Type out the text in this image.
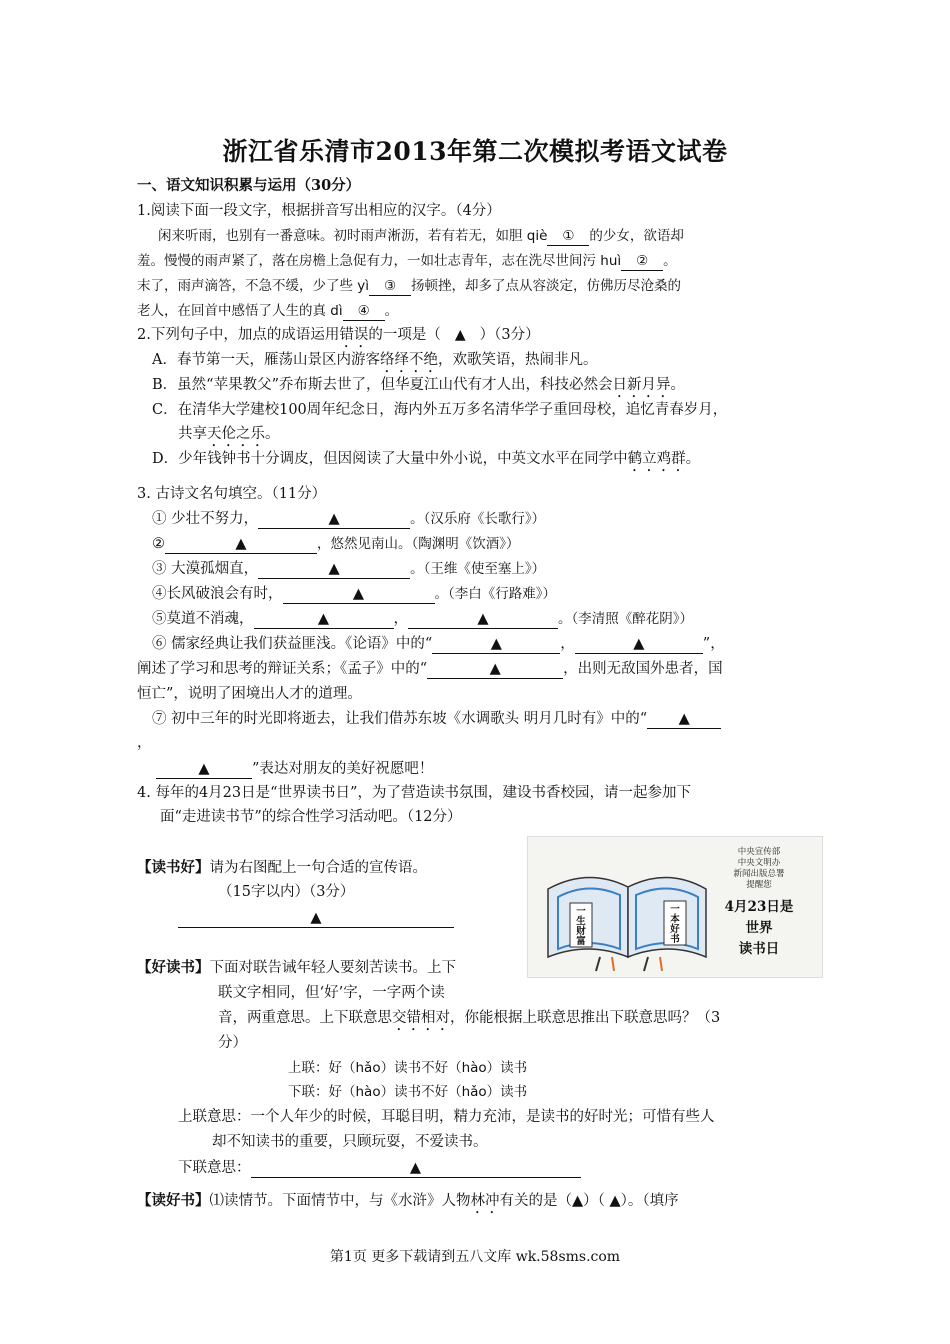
浙江省乐清市2013年第二次模拟考语文试卷
一、语文知识积累与运用（30分）
1.阅读下面一段文字，根据拼音写出相应的汉字。（4分）
闲来听雨，也别有一番意味。初时雨声淅沥，若有若无，如胆 qiè ① 的少女，欲语却
羞。慢慢的雨声紧了，落在房檐上急促有力，一如壮志青年，志在洗尽世间污 huì ② 。
末了，雨声滴答，不急不缓，少了些 yì ③ 扬顿挫，却多了点从容淡定，仿佛历尽沧桑的
老人，在回首中感悟了人生的真 dì ④ 。
2.下列句子中，加点的成语运用错误的一项是（ ▲ ）（3分）
A．春节第一天，雁荡山景区内游客络绎不绝，欢歌笑语，热闹非凡。
B．虽然“苹果教父”乔布斯去世了，但华夏江山代有才人出，科技必然会日新月异。
C．在清华大学建校100周年纪念日，海内外五万多名清华学子重回母校，追忆青春岁月，
共享天伦之乐。
D．少年钱钟书十分调皮，但因阅读了大量中外小说，中英文水平在同学中鹤立鸡群。
3. 古诗文名句填空。（11分）
① 少壮不努力，	▲	。（汉乐府《长歌行》）
②	▲	，悠然见南山。（陶渊明《饮酒》）
③ 大漠孤烟直，	▲	。（王维《使至塞上》）
④长风破浪会有时，	▲	。（李白《行路难》）
⑤莫道不消魂，	▲	，	▲	。（李清照《醉花阴》）
⑥ 儒家经典让我们获益匪浅。《论语》中的“	▲	，	▲	”，
阐述了学习和思考的辩证关系；《孟子》中的“	▲	，出则无敌国外患者，国
恒亡”，说明了困境出人才的道理。
⑦ 初中三年的时光即将逝去，让我们借苏东坡《水调歌头 明月几时有》中的“ ▲
，
▲	”表达对朋友的美好祝愿吧！
4. 每年的4月23日是“世界读书日”，为了营造读书氛围，建设书香校园，请一起参加下
面“走进读书节”的综合性学习活动吧。（12分）
【读书好】请为右图配上一句合适的宣传语。
（15字以内）（3分）
▲	一生财富
一本好书
中央宣传部
中央文明办
新闻出版总署
提醒您
4月23日是
世界
读书日
【好读书】下面对联告诫年轻人要刻苦读书。上下
联文字相同，但‘好’字，一字两个读
音，两重意思。上下联意思交错相对，你能根据上联意思推出下联意思吗？（3
分）
上联：好（hǎo）读书不好（hào）读书
下联：好（hào）读书不好（hǎo）读书
上联意思：一个人年少的时候，耳聪目明，精力充沛，是读书的好时光；可惜有些人
却不知读书的重要，只顾玩耍，不爱读书。
下联意思：	▲
【读好书】⑴读情节。下面情节中，与《水浒》人物林冲有关的是（▲）（ ▲）。（填序
第1页 更多下载请到五八文库 wk.58sms.com
